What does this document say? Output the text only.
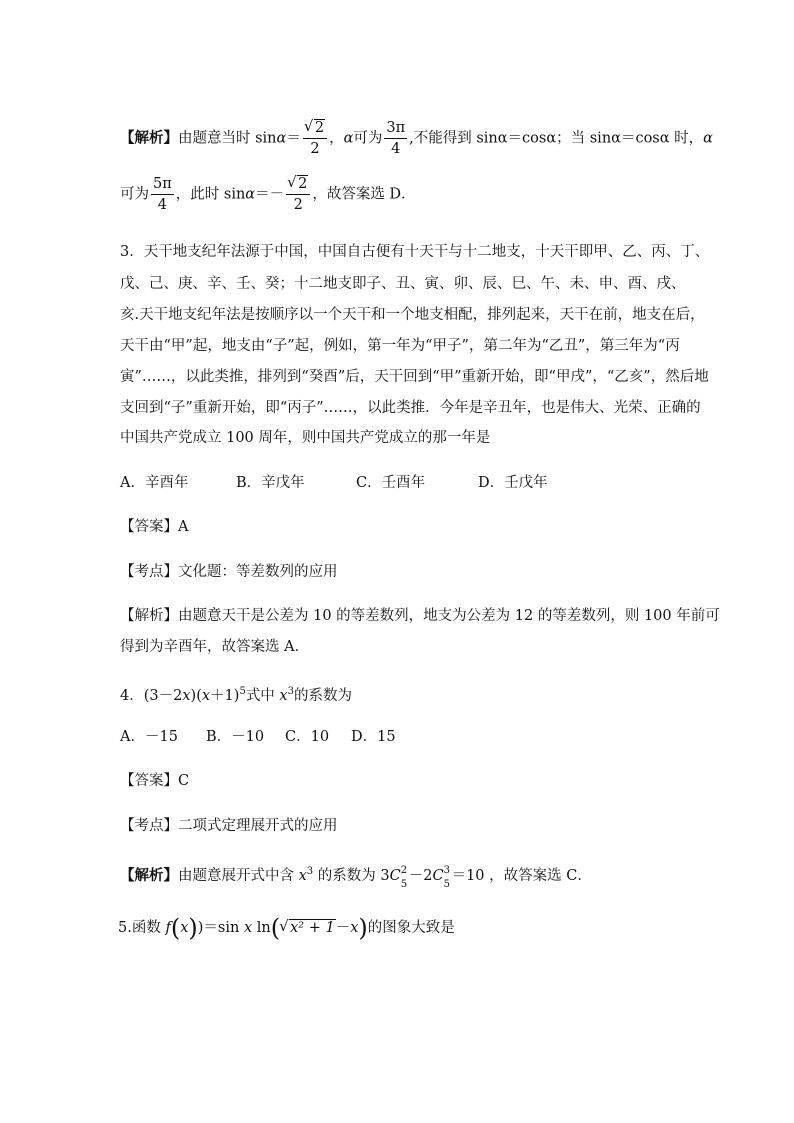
【解析】由题意当时 sinα＝ √ $\frac{2}{2}$ ，α可为 $\frac{3\pi}{4}$ ,不能得到 sinα＝cosα；当 sinα＝cosα 时，α
可为 $\frac{5\pi}{4}$ ，此时 sinα＝－ √ $\frac{2}{2}$ ，故答案选 D．
3．天干地支纪年法源于中国，中国自古便有十天干与十二地支，十天干即甲、乙、丙、丁、
戊、己、庚、辛、壬、癸；十二地支即子、丑、寅、卯、辰、巳、午、未、申、酉、戌、
亥.天干地支纪年法是按顺序以一个天干和一个地支相配，排列起来，天干在前，地支在后，
天干由“甲”起，地支由“子”起，例如，第一年为“甲子”，第二年为“乙丑”，第三年为“丙
寅”……，以此类推，排列到“癸酉”后，天干回到“甲”重新开始，即“甲戌”，“乙亥”，然后地
支回到“子”重新开始，即“丙子”……，以此类推．今年是辛丑年，也是伟大、光荣、正确的
中国共产党成立 100 周年，则中国共产党成立的那一年是
A．辛酉年	B．辛戊年	C．壬酉年	D．壬戊年
【答案】A
【考点】文化题：等差数列的应用
【解析】由题意天干是公差为 10 的等差数列，地支为公差为 12 的等差数列，则 100 年前可
得到为辛酉年，故答案选 A．
4．$(3-2x)(x+1)^5$式中 $x^3$的系数为
A．－15 B．－10 C．10 D．15
【答案】C
【考点】二项式定理展开式的应用
【解析】由题意展开式中含 $x^3$ 的系数为 3C 2
5
－2C 3
5
＝10 ，故答案选 C．
5.函数 f(x))＝sin x ln( √ x² + 1－x)的图象大致是
